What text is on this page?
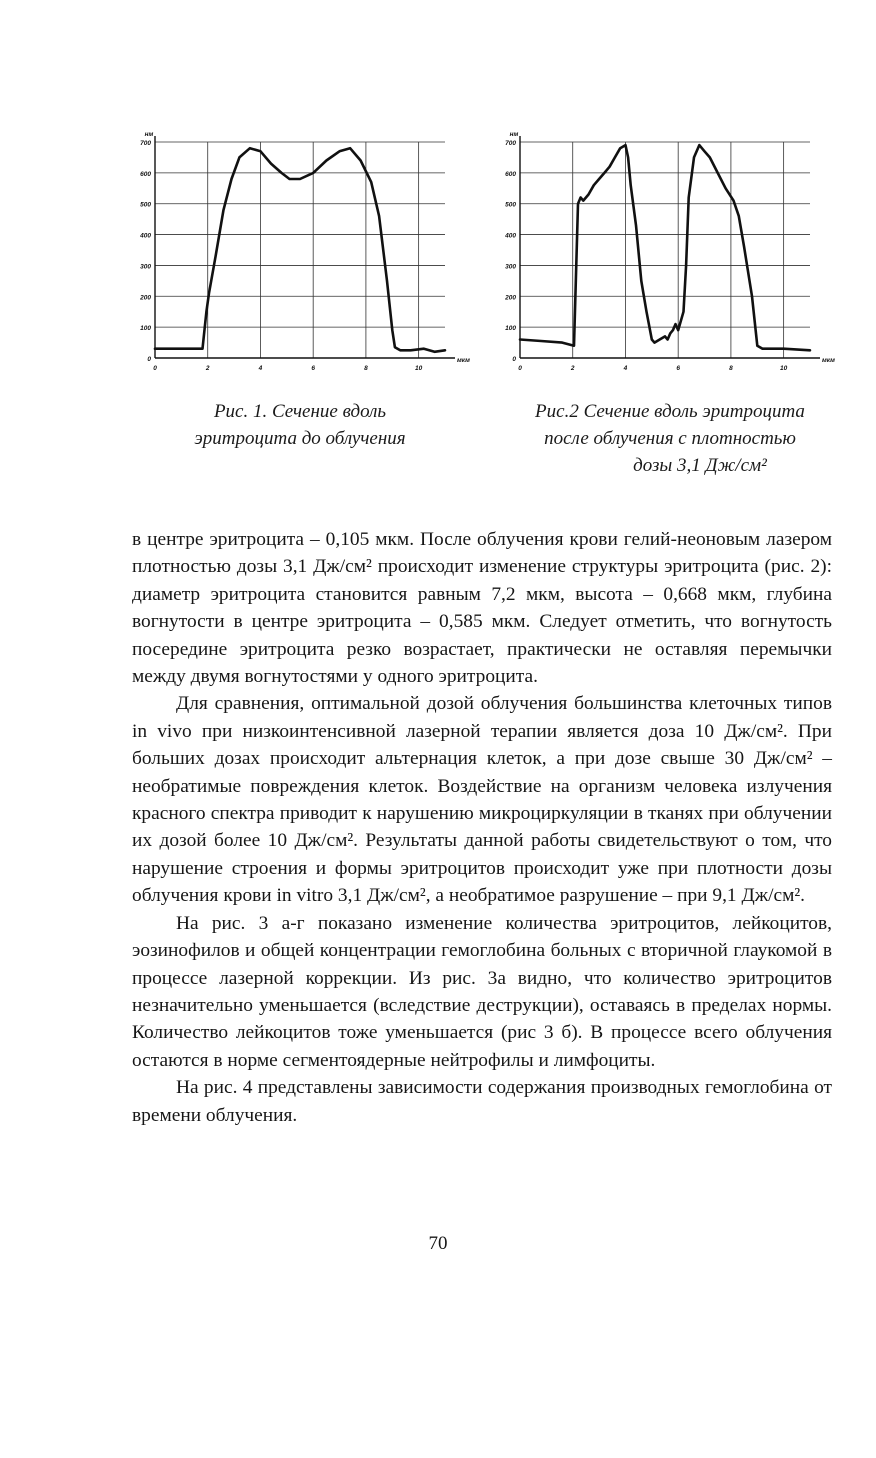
0
100
200
300
400
500
600
700
0	2	4	6	8	10
нм
мкм
Рис. 1. Сечение вдоль
эритроцита до облучения
0
100
200
300
400
500
600
700
0	2	4	6	8	10
нм
мкм
Рис.2 Сечение вдоль эритроцита
после облучения с плотностью
дозы 3,1 Дж/см²

в центре эритроцита – 0,105 мкм. После облучения крови гелий-неоновым лазером плотностью дозы 3,1 Дж/см² происходит изменение структуры эритроцита (рис. 2): диаметр эритроцита становится равным 7,2 мкм, высота – 0,668 мкм, глубина вогнутости в центре эритроцита – 0,585 мкм. Следует отметить, что вогнутость посередине эритроцита резко возрастает, практически не оставляя перемычки между двумя вогнутостями у одного эритроцита.

Для сравнения, оптимальной дозой облучения большинства клеточных типов in vivo при низкоинтенсивной лазерной терапии является доза 10 Дж/см². При больших дозах происходит альтернация клеток, а при дозе свыше 30 Дж/см² – необратимые повреждения клеток. Воздействие на организм человека излучения красного спектра приводит к нарушению микроциркуляции в тканях при облучении их дозой более 10 Дж/см². Результаты данной работы свидетельствуют о том, что нарушение строения и формы эритроцитов происходит уже при плотности дозы облучения крови in vitro 3,1 Дж/см², а необратимое разрушение – при 9,1 Дж/см².

На рис. 3 а-г показано изменение количества эритроцитов, лейкоцитов, эозинофилов и общей концентрации гемоглобина больных с вторичной глаукомой в процессе лазерной коррекции. Из рис. 3а видно, что количество эритроцитов незначительно уменьшается (вследствие деструкции), оставаясь в пределах нормы. Количество лейкоцитов тоже уменьшается (рис 3 б). В процессе всего облучения остаются в норме сегментоядерные нейтрофилы и лимфоциты.

На рис. 4 представлены зависимости содержания производных гемоглобина от времени облучения.

70
